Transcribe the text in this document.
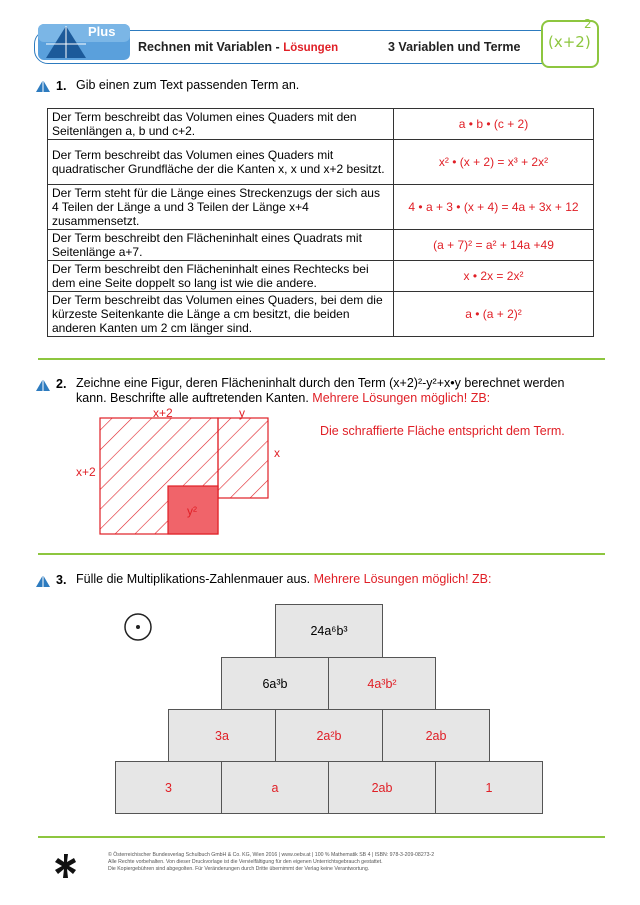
Plus
Rechnen mit Variablen - Lösungen	3 Variablen und Terme (x+2)
2
1. Gib einen zum Text passenden Term an.
Der Term beschreibt das Volumen eines Quaders mit den Seitenlängen a, b und c+2.	a • b • (c + 2)
Der Term beschreibt das Volumen eines Quaders mit quadratischer Grundfläche der die Kanten x, x und x+2 besitzt.	x² • (x + 2) = x³ + 2x²
Der Term steht für die Länge eines Streckenzugs der sich aus 4 Teilen der Länge a und 3 Teilen der Länge x+4 zusammensetzt.	4 • a + 3 • (x + 4) = 4a + 3x + 12
Der Term beschreibt den Flächeninhalt eines Quadrats mit Seitenlänge a+7.	(a + 7)² = a² + 14a +49
Der Term beschreibt den Flächeninhalt eines Rechtecks bei dem eine Seite doppelt so lang ist wie die andere.	x • 2x = 2x²
Der Term beschreibt das Volumen eines Quaders, bei dem die kürzeste Seitenkante die Länge a cm besitzt, die beiden anderen Kanten um 2 cm länger sind.	a • (a + 2)²
2. Zeichne eine Figur, deren Flächeninhalt durch den Term (x+2)²-y²+x•y berechnet werden kann. Beschrifte alle auftretenden Kanten. Mehrere Lösungen möglich! ZB:
x+2	y
x
x+2
y²
Die schraffierte Fläche entspricht dem Term.
3. Fülle die Multiplikations-Zahlenmauer aus. Mehrere Lösungen möglich! ZB:
24a⁶b³
6a³b	4a³b²
3a	2a²b	2ab
3	a	2ab	1
© Österreichischer Bundesverlag Schulbuch GmbH & Co. KG, Wien 2016 | www.oebv.at | 100 % Mathematik SB 4 | ISBN: 978-3-209-08273-2
Alle Rechte vorbehalten. Von dieser Druckvorlage ist die Vervielfältigung für den eigenen Unterrichtsgebrauch gestattet.
Die Kopiergebühren sind abgegolten. Für Veränderungen durch Dritte übernimmt der Verlag keine Verantwortung.
